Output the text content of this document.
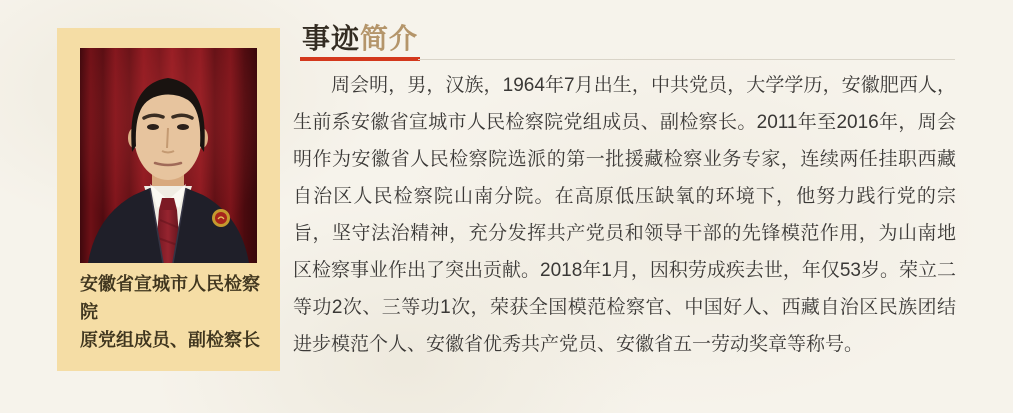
安徽省宣城市人民检察院

原党组成员、副检察长

事迹简介

周会明，男，汉族，1964年7月出生，中共党员，大学学历，安徽肥西人，生前系安徽省宣城市人民检察院党组成员、副检察长。2011年至2016年，周会明作为安徽省人民检察院选派的第一批援藏检察业务专家，连续两任挂职西藏自治区人民检察院山南分院。在高原低压缺氧的环境下，他努力践行党的宗旨，坚守法治精神，充分发挥共产党员和领导干部的先锋模范作用，为山南地区检察事业作出了突出贡献。2018年1月，因积劳成疾去世，年仅53岁。荣立二等功2次、三等功1次，荣获全国模范检察官、中国好人、西藏自治区民族团结进步模范个人、安徽省优秀共产党员、安徽省五一劳动奖章等称号。
